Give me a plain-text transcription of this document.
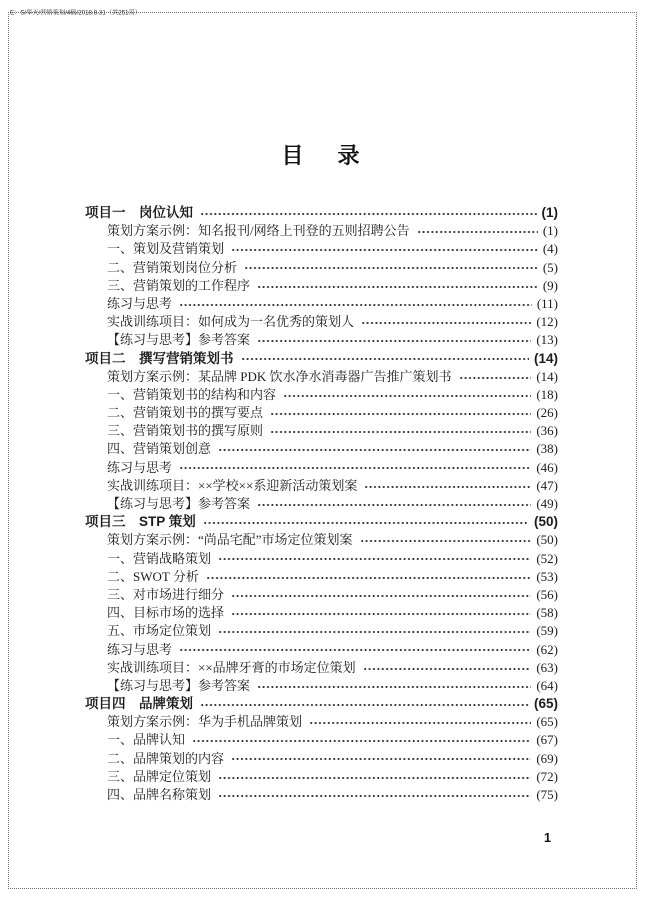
E：S/华天/营销策划/4稿/2018.8.31（共251页）
目　录
项目一　岗位认知	(1)
策划方案示例：知名报刊/网络上刊登的五则招聘公告	(1)
一、策划及营销策划	(4)
二、营销策划岗位分析	(5)
三、营销策划的工作程序	(9)
练习与思考	(11)
实战训练项目：如何成为一名优秀的策划人	(12)
【练习与思考】参考答案	(13)
项目二　撰写营销策划书	(14)
策划方案示例：某品牌 PDK 饮水净水消毒器广告推广策划书	(14)
一、营销策划书的结构和内容	(18)
二、营销策划书的撰写要点	(26)
三、营销策划书的撰写原则	(36)
四、营销策划创意	(38)
练习与思考	(46)
实战训练项目：××学校××系迎新活动策划案	(47)
【练习与思考】参考答案	(49)
项目三　STP 策划	(50)
策划方案示例：“尚品宅配”市场定位策划案	(50)
一、营销战略策划	(52)
二、SWOT 分析	(53)
三、对市场进行细分	(56)
四、目标市场的选择	(58)
五、市场定位策划	(59)
练习与思考	(62)
实战训练项目：××品牌牙膏的市场定位策划	(63)
【练习与思考】参考答案	(64)
项目四　品牌策划	(65)
策划方案示例：华为手机品牌策划	(65)
一、品牌认知	(67)
二、品牌策划的内容	(69)
三、品牌定位策划	(72)
四、品牌名称策划	(75)
1
